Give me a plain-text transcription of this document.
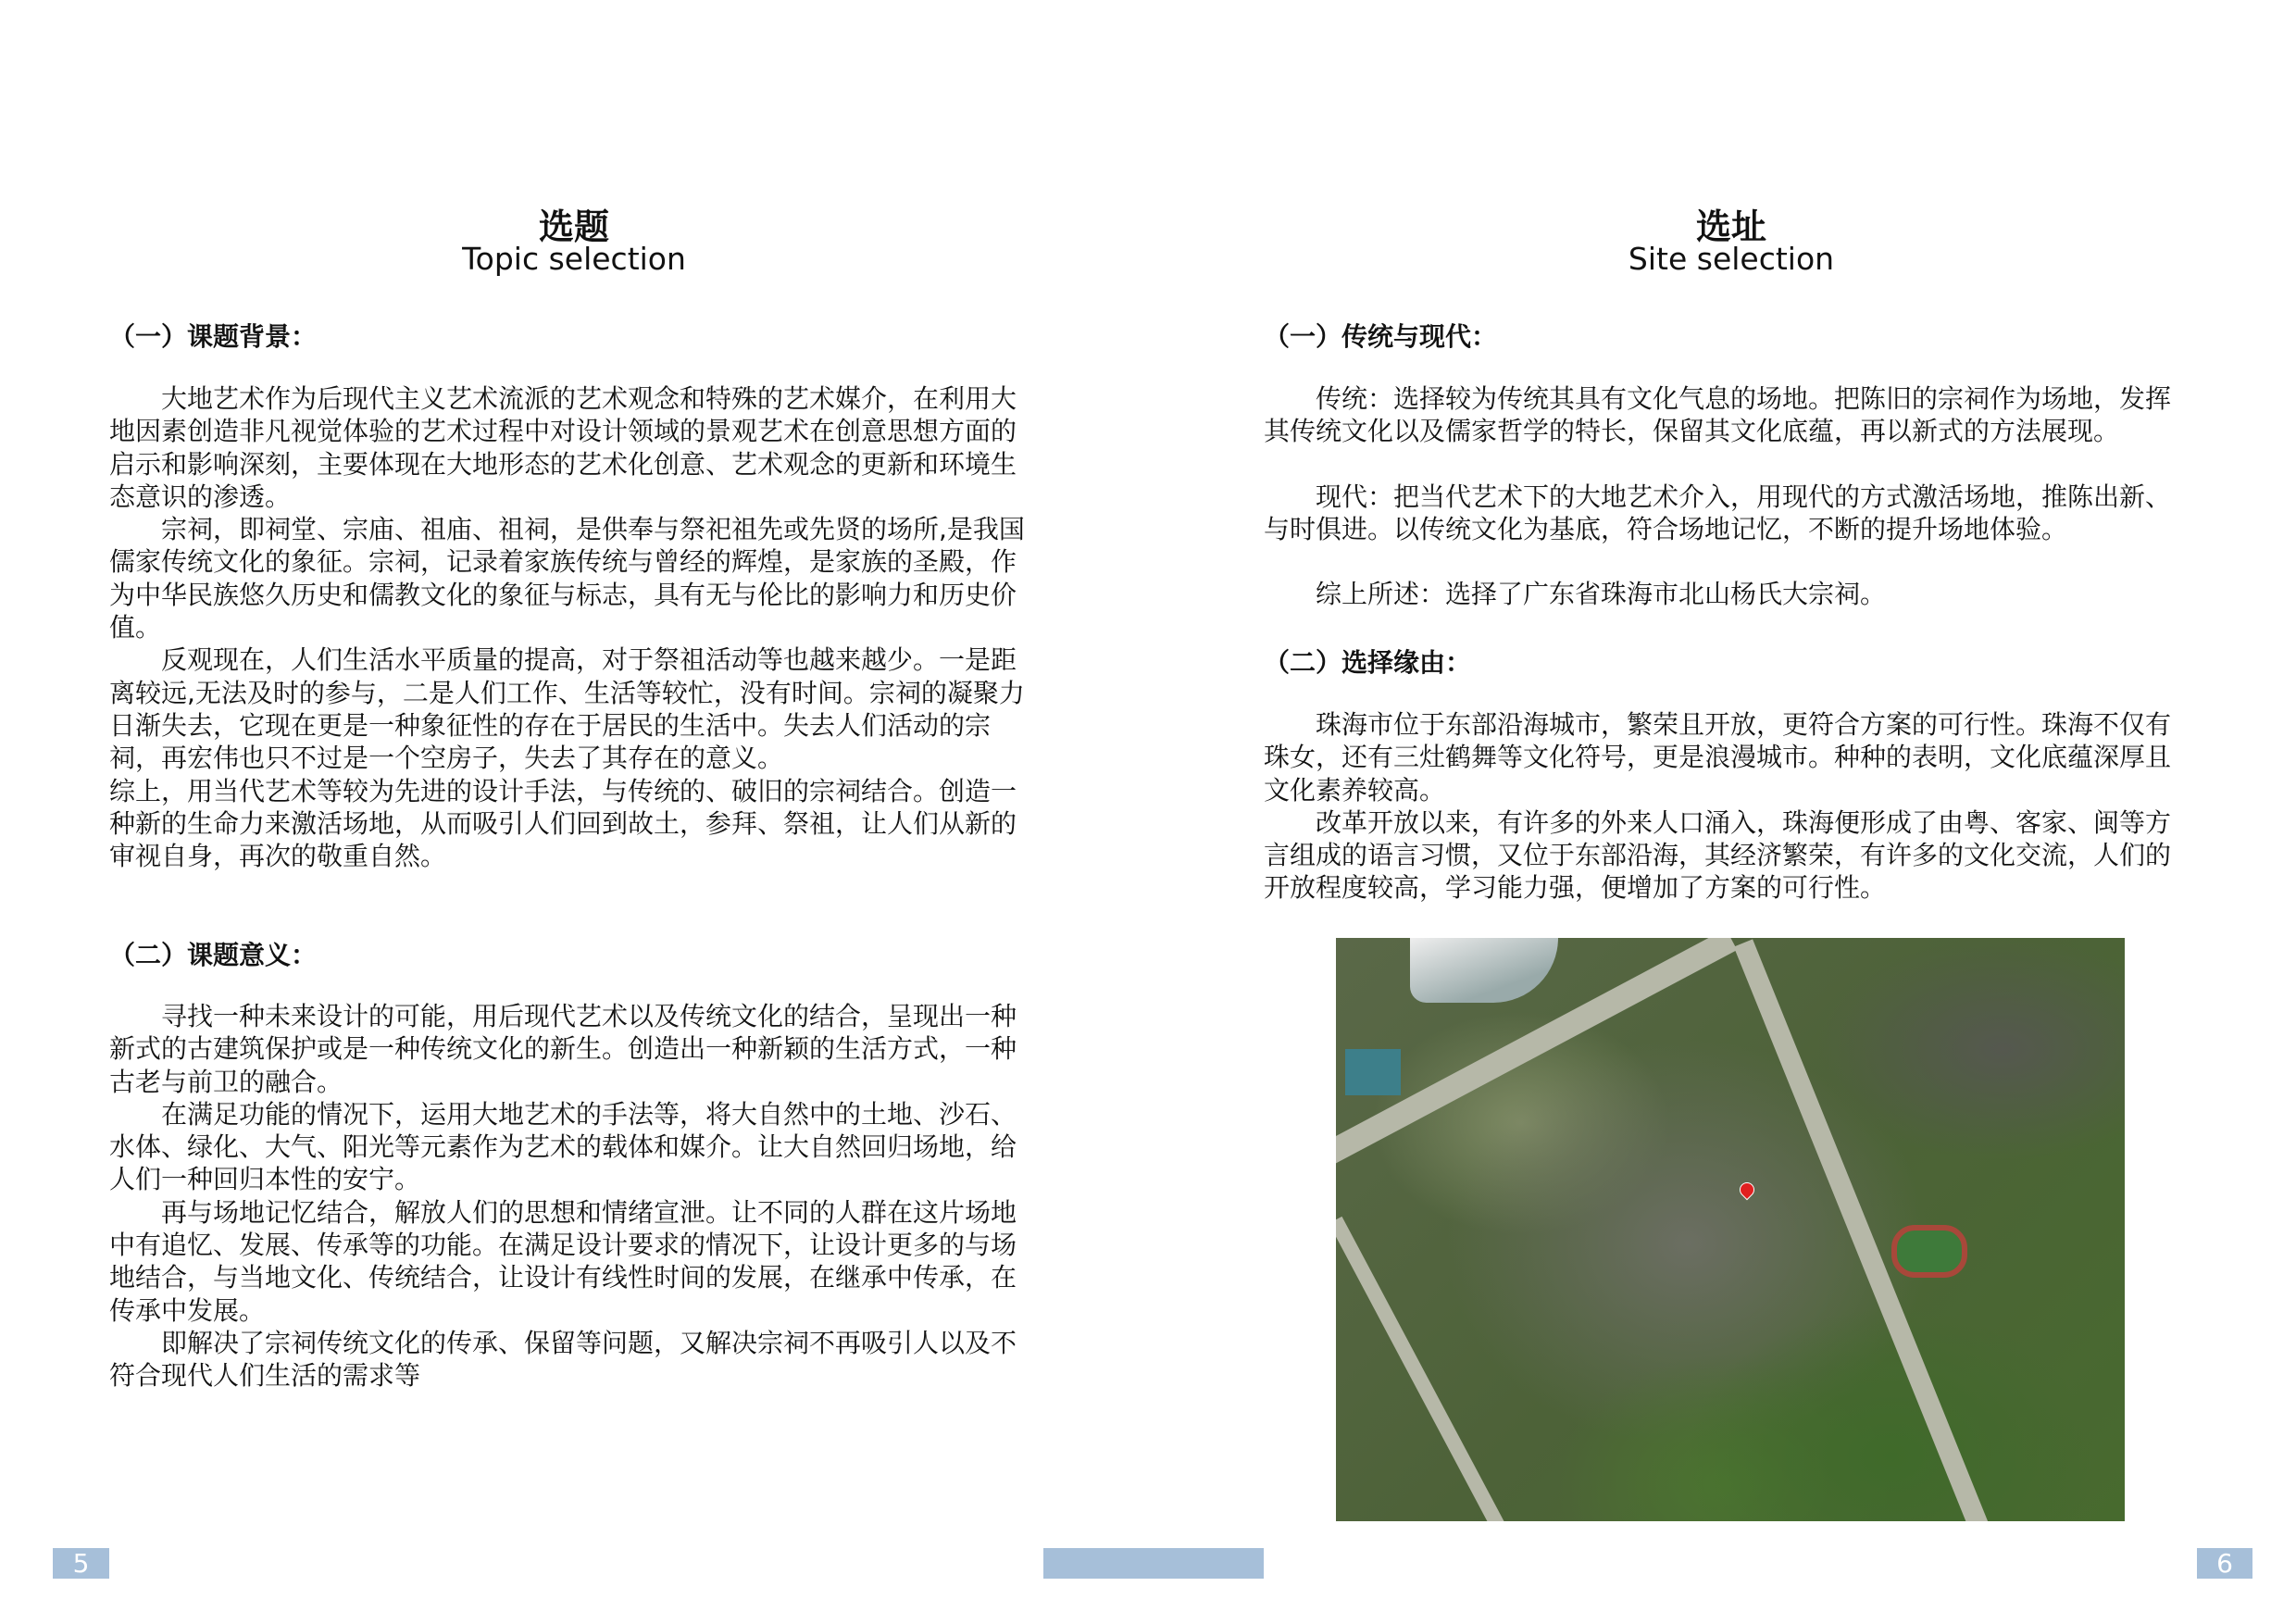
选题
Topic selection
（一）课题背景：

大地艺术作为后现代主义艺术流派的艺术观念和特殊的艺术媒介，在利用大地因素创造非凡视觉体验的艺术过程中对设计领域的景观艺术在创意思想方面的启示和影响深刻，主要体现在大地形态的艺术化创意、艺术观念的更新和环境生态意识的渗透。

宗祠，即祠堂、宗庙、祖庙、祖祠，是供奉与祭祀祖先或先贤的场所,是我国儒家传统文化的象征。宗祠，记录着家族传统与曾经的辉煌，是家族的圣殿，作为中华民族悠久历史和儒教文化的象征与标志，具有无与伦比的影响力和历史价值。

反观现在，人们生活水平质量的提高，对于祭祖活动等也越来越少。一是距离较远,无法及时的参与，二是人们工作、生活等较忙，没有时间。宗祠的凝聚力日渐失去，它现在更是一种象征性的存在于居民的生活中。失去人们活动的宗祠，再宏伟也只不过是一个空房子，失去了其存在的意义。

综上，用当代艺术等较为先进的设计手法，与传统的、破旧的宗祠结合。创造一种新的生命力来激活场地，从而吸引人们回到故土，参拜、祭祖，让人们从新的审视自身，再次的敬重自然。

（二）课题意义：

寻找一种未来设计的可能，用后现代艺术以及传统文化的结合，呈现出一种新式的古建筑保护或是一种传统文化的新生。创造出一种新颖的生活方式，一种古老与前卫的融合。

在满足功能的情况下，运用大地艺术的手法等，将大自然中的土地、沙石、水体、绿化、大气、阳光等元素作为艺术的载体和媒介。让大自然回归场地，给人们一种回归本性的安宁。

再与场地记忆结合，解放人们的思想和情绪宣泄。让不同的人群在这片场地中有追忆、发展、传承等的功能。在满足设计要求的情况下，让设计更多的与场地结合，与当地文化、传统结合，让设计有线性时间的发展，在继承中传承，在传承中发展。

即解决了宗祠传统文化的传承、保留等问题，又解决宗祠不再吸引人以及不符合现代人们生活的需求等

5
选址
Site selection
（一）传统与现代：

传统：选择较为传统其具有文化气息的场地。把陈旧的宗祠作为场地，发挥其传统文化以及儒家哲学的特长，保留其文化底蕴，再以新式的方法展现。

现代：把当代艺术下的大地艺术介入，用现代的方式激活场地，推陈出新、与时俱进。以传统文化为基底，符合场地记忆，不断的提升场地体验。

综上所述：选择了广东省珠海市北山杨氏大宗祠。

（二）选择缘由：

珠海市位于东部沿海城市，繁荣且开放，更符合方案的可行性。珠海不仅有珠女，还有三灶鹤舞等文化符号，更是浪漫城市。种种的表明，文化底蕴深厚且文化素养较高。

改革开放以来，有许多的外来人口涌入，珠海便形成了由粤、客家、闽等方言组成的语言习惯，又位于东部沿海，其经济繁荣，有许多的文化交流，人们的开放程度较高，学习能力强，便增加了方案的可行性。

6
